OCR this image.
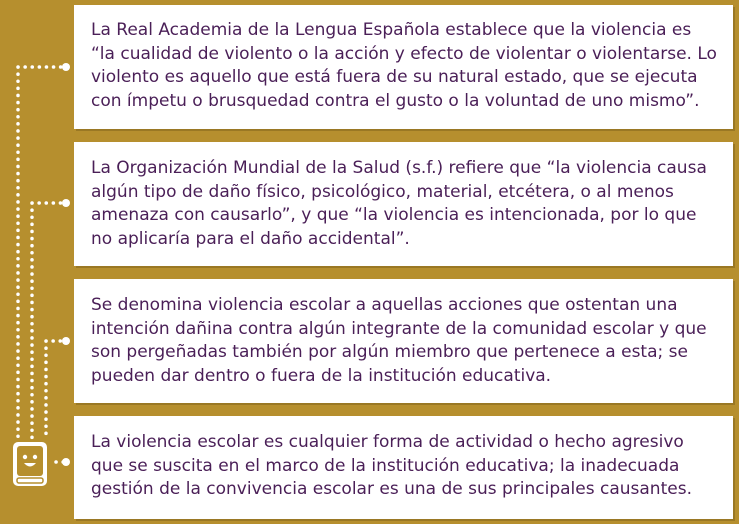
La Real Academia de la Lengua Española establece que la violencia es “la cualidad de violento o la acción y efecto de violentar o violentarse. Lo violento es aquello que está fuera de su natural estado, que se ejecuta con ímpetu o brusquedad contra el gusto o la voluntad de uno mismo”.

La Organización Mundial de la Salud (s.f.) refiere que “la violencia causa algún tipo de daño físico, psicológico, material, etcétera, o al menos amenaza con causarlo”, y que “la violencia es intencionada, por lo que no aplicaría para el daño accidental”.

Se denomina violencia escolar a aquellas acciones que ostentan una intención dañina contra algún integrante de la comunidad escolar y que son pergeñadas también por algún miembro que pertenece a esta; se pueden dar dentro o fuera de la institución educativa.

La violencia escolar es cualquier forma de actividad o hecho agresivo que se suscita en el marco de la institución educativa; la inadecuada gestión de la convivencia escolar es una de sus principales causantes.
